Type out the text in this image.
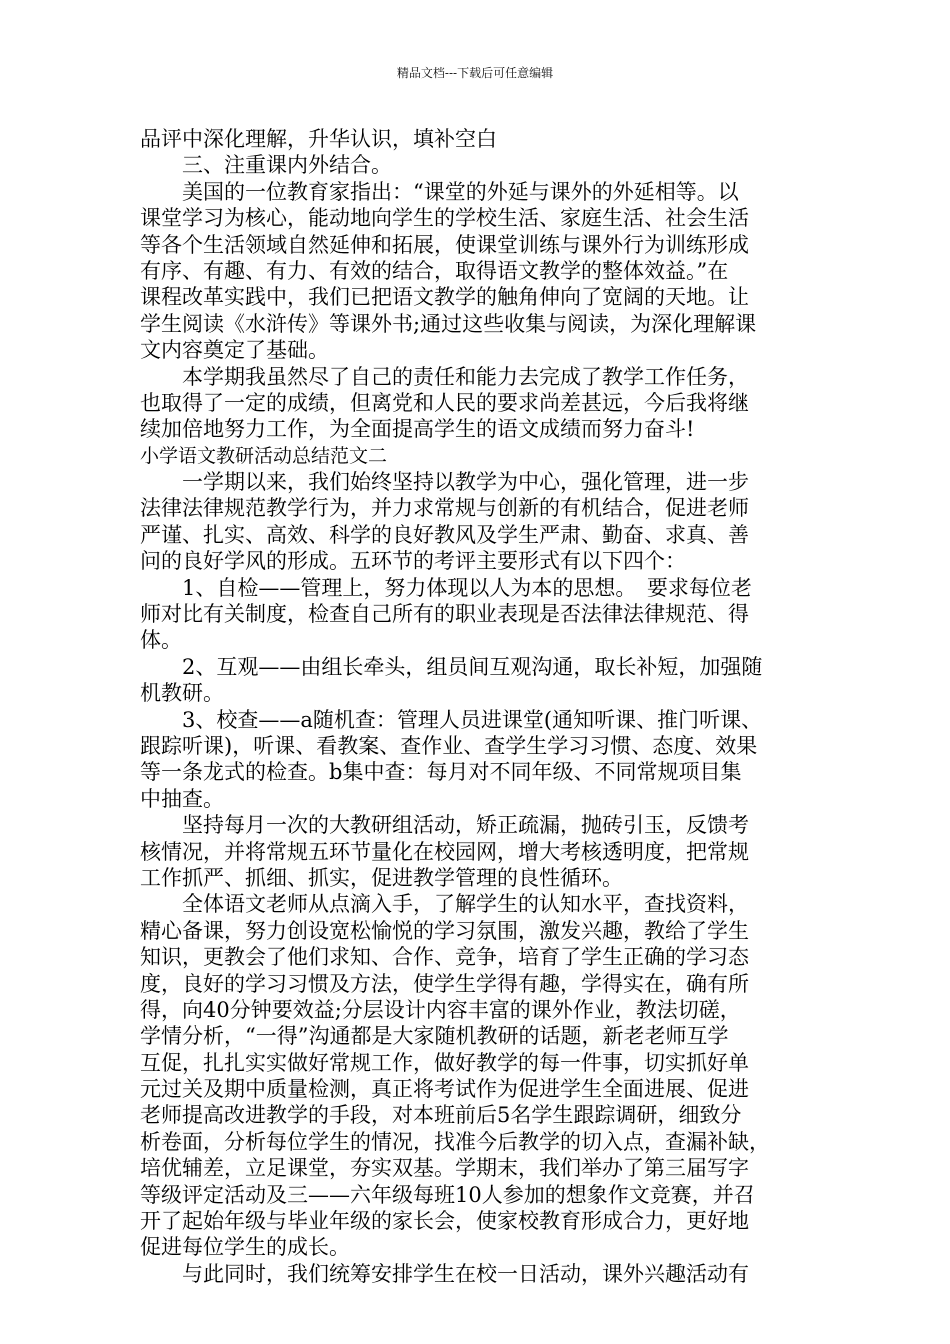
精品文档---下载后可任意编辑
品评中深化理解，升华认识，填补空白
三、注重课内外结合。
美国的一位教育家指出：“课堂的外延与课外的外延相等。以
课堂学习为核心，能动地向学生的学校生活、家庭生活、社会生活
等各个生活领域自然延伸和拓展，使课堂训练与课外行为训练形成
有序、有趣、有力、有效的结合，取得语文教学的整体效益。”在
课程改革实践中，我们已把语文教学的触角伸向了宽阔的天地。让
学生阅读《水浒传》等课外书;通过这些收集与阅读，为深化理解课
文内容奠定了基础。
本学期我虽然尽了自己的责任和能力去完成了教学工作任务，
也取得了一定的成绩，但离党和人民的要求尚差甚远，今后我将继
续加倍地努力工作，为全面提高学生的语文成绩而努力奋斗!
小学语文教研活动总结范文二
一学期以来，我们始终坚持以教学为中心，强化管理，进一步
法律法律规范教学行为，并力求常规与创新的有机结合，促进老师
严谨、扎实、高效、科学的良好教风及学生严肃、勤奋、求真、善
问的良好学风的形成。五环节的考评主要形式有以下四个：
1、自检——管理上，努力体现以人为本的思想。　要求每位老
师对比有关制度，检查自己所有的职业表现是否法律法律规范、得
体。
2、互观——由组长牵头，组员间互观沟通，取长补短，加强随
机教研。
3、校查——a随机查：管理人员进课堂(通知听课、推门听课、
跟踪听课)，听课、看教案、查作业、查学生学习习惯、态度、效果
等一条龙式的检查。b集中查：每月对不同年级、不同常规项目集
中抽查。
坚持每月一次的大教研组活动，矫正疏漏，抛砖引玉，反馈考
核情况，并将常规五环节量化在校园网，增大考核透明度，把常规
工作抓严、抓细、抓实，促进教学管理的良性循环。
全体语文老师从点滴入手，了解学生的认知水平，查找资料，
精心备课，努力创设宽松愉悦的学习氛围，激发兴趣，教给了学生
知识，更教会了他们求知、合作、竞争，培育了学生正确的学习态
度，良好的学习习惯及方法，使学生学得有趣，学得实在，确有所
得，向40分钟要效益;分层设计内容丰富的课外作业，教法切磋，
学情分析，“一得”沟通都是大家随机教研的话题，新老老师互学
互促，扎扎实实做好常规工作，做好教学的每一件事，切实抓好单
元过关及期中质量检测，真正将考试作为促进学生全面进展、促进
老师提高改进教学的手段，对本班前后5名学生跟踪调研，细致分
析卷面，分析每位学生的情况，找准今后教学的切入点，查漏补缺，
培优辅差，立足课堂，夯实双基。学期末，我们举办了第三届写字
等级评定活动及三——六年级每班10人参加的想象作文竞赛，并召
开了起始年级与毕业年级的家长会，使家校教育形成合力，更好地
促进每位学生的成长。
与此同时，我们统筹安排学生在校一日活动，课外兴趣活动有
